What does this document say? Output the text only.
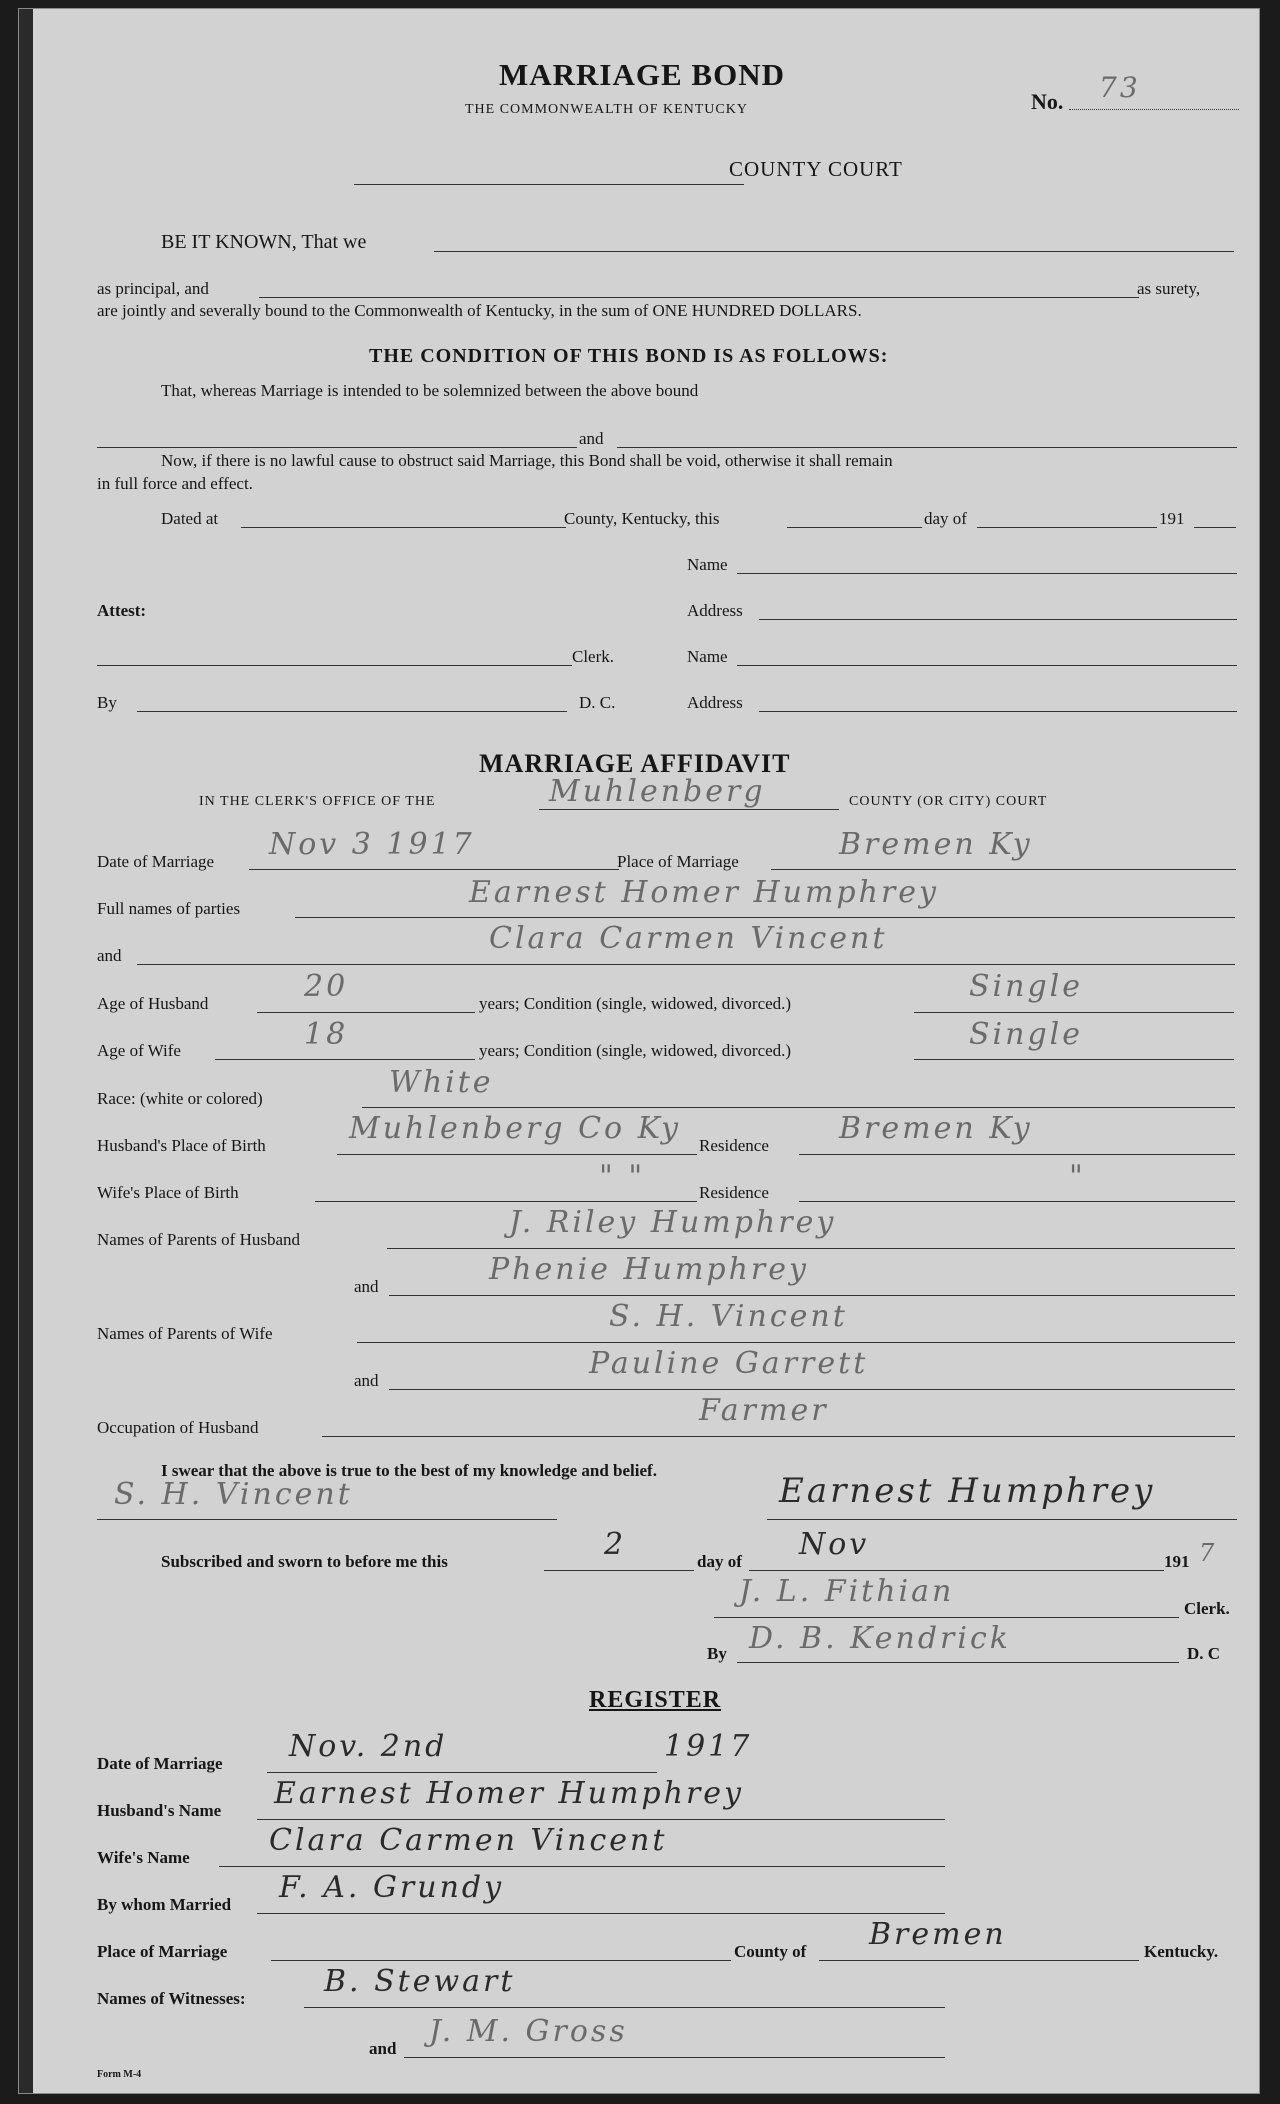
MARRIAGE BOND
THE COMMONWEALTH OF KENTUCKY	No. 73
COUNTY COURT
BE IT KNOWN, That we
as principal, and	as surety,
are jointly and severally bound to the Commonwealth of Kentucky, in the sum of ONE HUNDRED DOLLARS.
THE CONDITION OF THIS BOND IS AS FOLLOWS:
That, whereas Marriage is intended to be solemnized between the above bound
and
Now, if there is no lawful cause to obstruct said Marriage, this Bond shall be void, otherwise it shall remain
in full force and effect.
Dated at	County, Kentucky, this	day of	191
Name
Attest:	Address
Clerk.	Name
By	D. C.	Address
MARRIAGE AFFIDAVIT
IN THE CLERK'S OFFICE OF THE	Muhlenberg	COUNTY (OR CITY) COURT
Date of Marriage Nov 3 1917	Place of Marriage	Bremen Ky
Full names of parties	Earnest Homer Humphrey
and	Clara Carmen Vincent
Age of Husband	20	years; Condition (single, widowed, divorced.)	Single
Age of Wife	18	years; Condition (single, widowed, divorced.)	Single
Race: (white or colored)	White
Husband's Place of Birth	Muhlenberg Co Ky Residence Bremen Ky
Wife's Place of Birth	" "	Residence	"
Names of Parents of Husband	J. Riley Humphrey
and	Phenie Humphrey
Names of Parents of Wife	S. H. Vincent
and	Pauline Garrett
Occupation of Husband	Farmer
I swear that the above is true to the best of my knowledge and belief.
S. H. Vincent	Earnest Humphrey
Subscribed and sworn to before me this	2	day of Nov	191 7
J. L. Fithian	Clerk.
By D. B. Kendrick	D. C
REGISTER
Date of Marriage Nov. 2nd	1917
Husband's Name Earnest Homer Humphrey
Wife's Name	Clara Carmen Vincent
By whom Married F. A. Grundy
Place of Marriage	County of Bremen	Kentucky.
Names of Witnesses:	B. Stewart
and J. M. Gross
Form M-4
